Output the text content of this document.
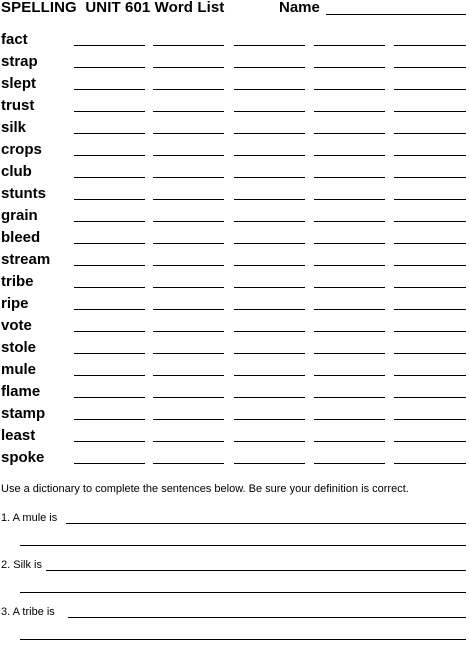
SPELLING  UNIT 601 Word List	Name
fact
strap
slept
trust
silk
crops
club
stunts
grain
bleed
stream
tribe
ripe
vote
stole
mule
flame
stamp
least
spoke
Use a dictionary to complete the sentences below. Be sure your definition is correct.
1. A mule is
2. Silk is
3. A tribe is
